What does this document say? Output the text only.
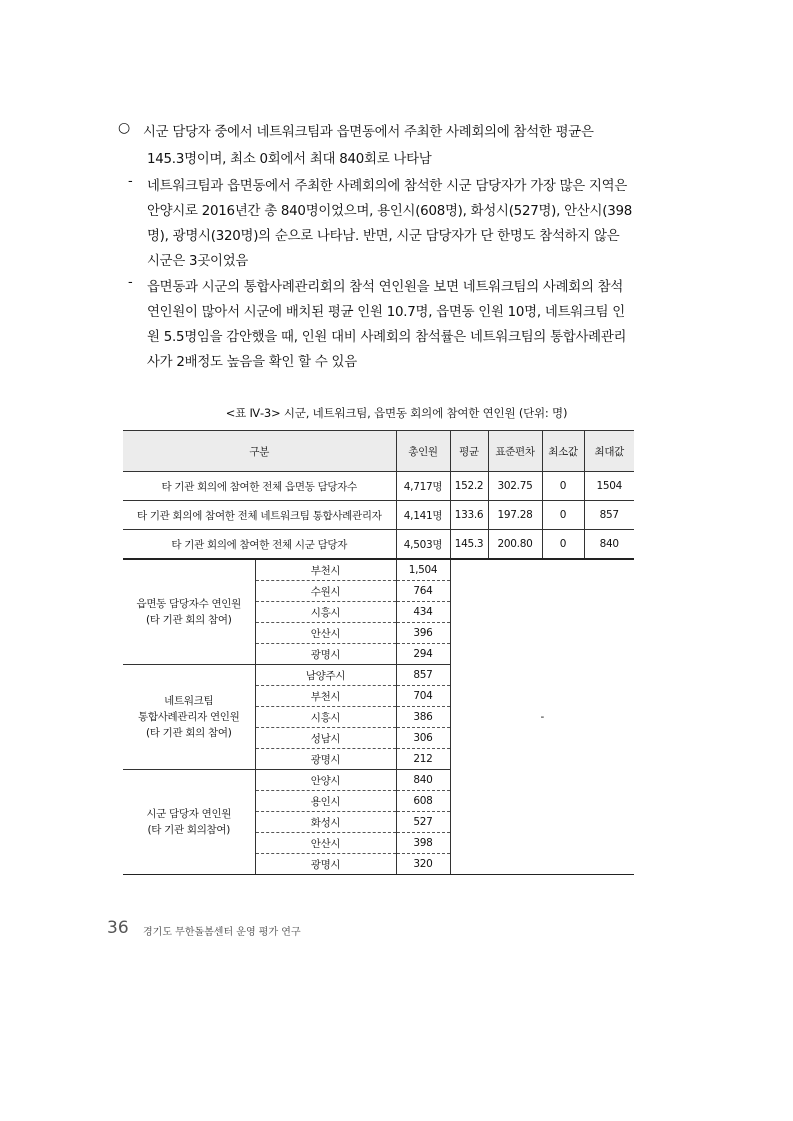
○ 시군 담당자 중에서 네트워크팀과 읍면동에서 주최한 사례회의에 참석한 평균은
145.3명이며, 최소 0회에서 최대 840회로 나타남
- 네트워크팀과 읍면동에서 주최한 사례회의에 참석한 시군 담당자가 가장 많은 지역은
안양시로 2016년간 총 840명이었으며, 용인시(608명), 화성시(527명), 안산시(398
명), 광명시(320명)의 순으로 나타남. 반면, 시군 담당자가 단 한명도 참석하지 않은
시군은 3곳이었음
- 읍면동과 시군의 통합사례관리회의 참석 연인원을 보면 네트워크팀의 사례회의 참석
연인원이 많아서 시군에 배치된 평균 인원 10.7명, 읍면동 인원 10명, 네트워크팀 인
원 5.5명임을 감안했을 때, 인원 대비 사례회의 참석률은 네트워크팀의 통합사례관리
사가 2배정도 높음을 확인 할 수 있음
<표 Ⅳ-3> 시군, 네트워크팀, 읍면동 회의에 참여한 연인원 (단위: 명)
구분		총인원	평균	표준편차	최소값	최대값
타 기관 회의에 참여한 전체 읍면동 담당자수		4,717명	152.2	302.75	0	1504
타 기관 회의에 참여한 전체 네트워크팀 통합사례관리자		4,141명	133.6	197.28	0	857
타 기관 회의에 참여한 전체 시군 담당자		4,503명	145.3	200.80	0	840

읍면동 담당자수 연인원
(타 기관 회의 참여)	부천시	1,504	-			
	수원시	764				
	시흥시	434				
	안산시	396				
	광명시	294				

네트워크팀
통합사례관리자 연인원
(타 기관 회의 참여)	남양주시	857				
	부천시	704				
	시흥시	386				
	성남시	306				
	광명시	212				

시군 담당자 연인원
(타 기관 회의참여)	안양시	840				
	용인시	608				
	화성시	527				
	안산시	398				
	광명시	320				
36 경기도 무한돌봄센터 운영 평가 연구
